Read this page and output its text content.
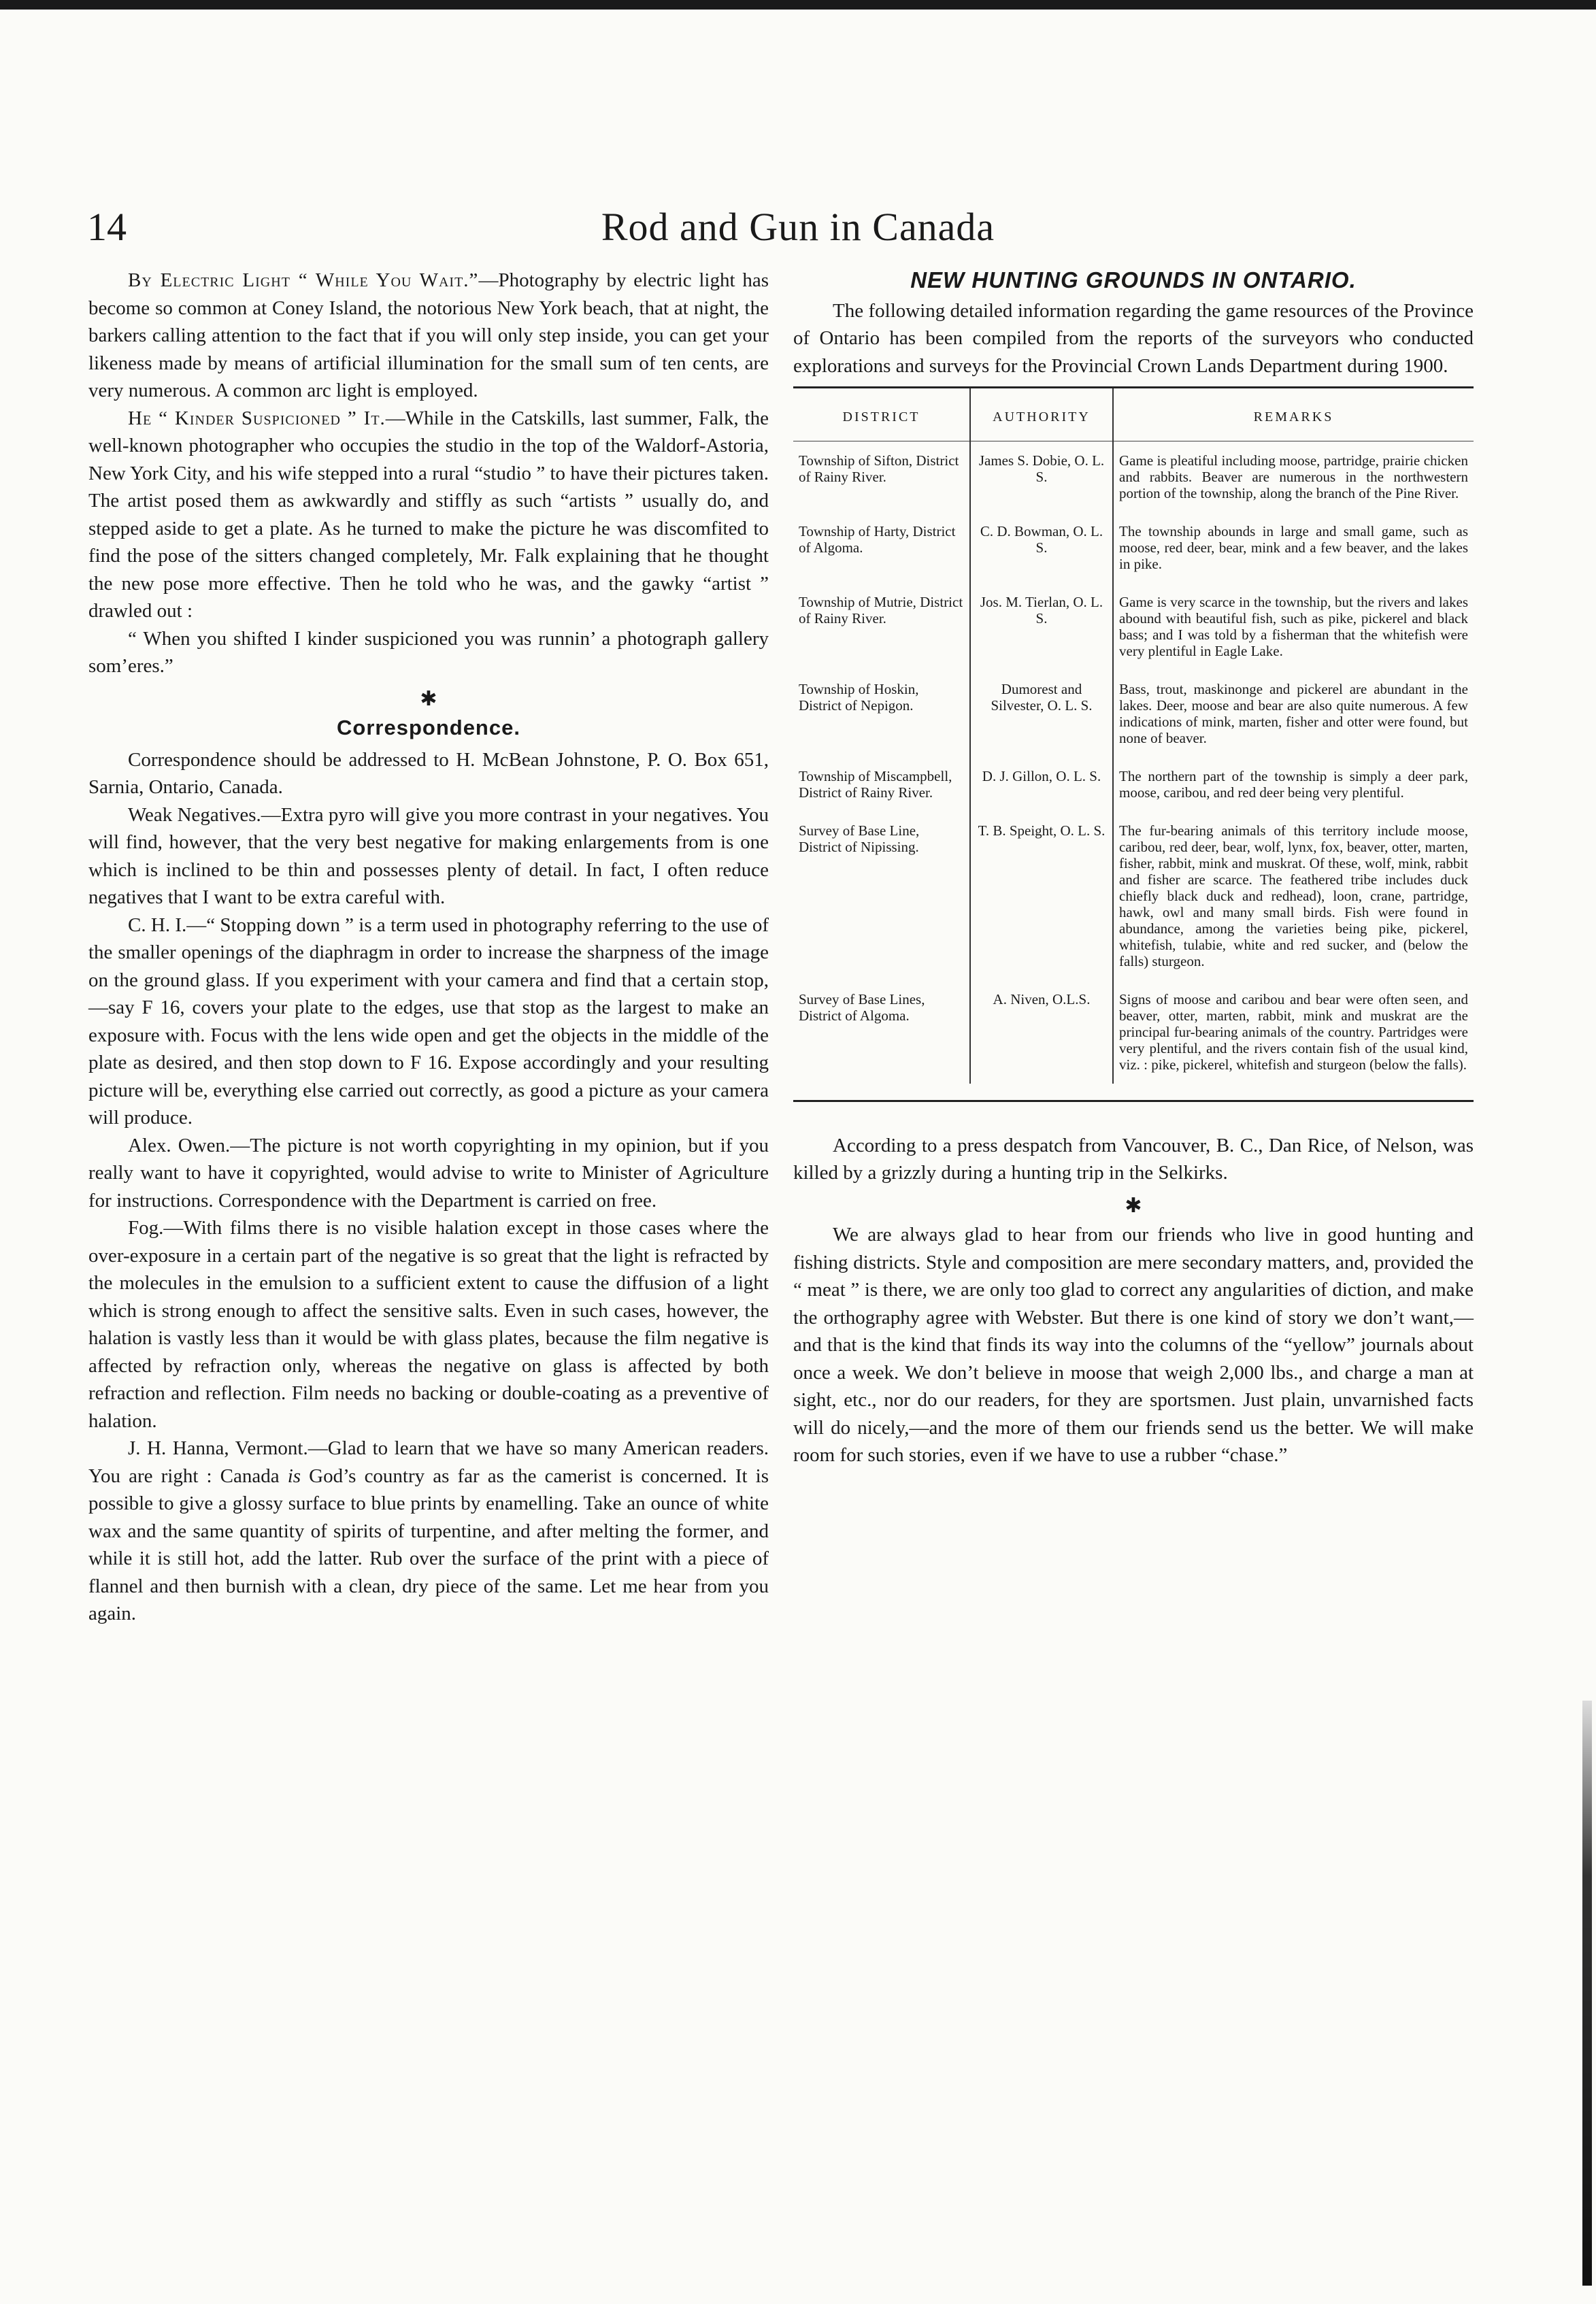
14	Rod and Gun in Canada

By Electric Light “ While You Wait.”—Photography by electric light has become so common at Coney Island, the notorious New York beach, that at night, the barkers calling attention to the fact that if you will only step inside, you can get your likeness made by means of artificial illumination for the small sum of ten cents, are very numerous. A common arc light is employed.

He “ Kinder Suspicioned ” It.—While in the Catskills, last summer, Falk, the well-known photographer who occupies the studio in the top of the Waldorf-Astoria, New York City, and his wife stepped into a rural “studio ” to have their pictures taken. The artist posed them as awkwardly and stiffly as such “artists ” usually do, and stepped aside to get a plate. As he turned to make the picture he was discomfited to find the pose of the sitters changed completely, Mr. Falk explaining that he thought the new pose more effective. Then he told who he was, and the gawky “artist ” drawled out :

“ When you shifted I kinder suspicioned you was runnin’ a photograph gallery som’eres.”

✱
Correspondence.

Correspondence should be addressed to H. McBean Johnstone, P. O. Box 651, Sarnia, Ontario, Canada.

Weak Negatives.—Extra pyro will give you more contrast in your negatives. You will find, however, that the very best negative for making enlargements from is one which is inclined to be thin and possesses plenty of detail. In fact, I often reduce negatives that I want to be extra careful with.

C. H. I.—“ Stopping down ” is a term used in photography referring to the use of the smaller openings of the diaphragm in order to increase the sharpness of the image on the ground glass. If you experiment with your camera and find that a certain stop,—say F 16, covers your plate to the edges, use that stop as the largest to make an exposure with. Focus with the lens wide open and get the objects in the middle of the plate as desired, and then stop down to F 16. Expose accordingly and your resulting picture will be, everything else carried out correctly, as good a picture as your camera will produce.

Alex. Owen.—The picture is not worth copyrighting in my opinion, but if you really want to have it copyrighted, would advise to write to Minister of Agriculture for instructions. Correspondence with the Department is carried on free.

Fog.—With films there is no visible halation except in those cases where the over-exposure in a certain part of the negative is so great that the light is refracted by the molecules in the emulsion to a sufficient extent to cause the diffusion of a light which is strong enough to affect the sensitive salts. Even in such cases, however, the halation is vastly less than it would be with glass plates, because the film negative is affected by refraction only, whereas the negative on glass is affected by both refraction and reflection. Film needs no backing or double-coating as a preventive of halation.

J. H. Hanna, Vermont.—Glad to learn that we have so many American readers. You are right : Canada is God’s country as far as the camerist is concerned. It is possible to give a glossy surface to blue prints by enamelling. Take an ounce of white wax and the same quantity of spirits of turpentine, and after melting the former, and while it is still hot, add the latter. Rub over the surface of the print with a piece of flannel and then burnish with a clean, dry piece of the same. Let me hear from you again.

NEW HUNTING GROUNDS IN ONTARIO.

The following detailed information regarding the game resources of the Province of Ontario has been compiled from the reports of the surveyors who conducted explorations and surveys for the Provincial Crown Lands Department during 1900.

DISTRICT	AUTHORITY	REMARKS
Township of Sifton, District of Rainy River.	James S. Dobie, O. L. S.	Game is pleatiful including moose, partridge, prairie chicken and rabbits. Beaver are numerous in the northwestern portion of the township, along the branch of the Pine River.
Township of Harty, District of Algoma.	C. D. Bowman, O. L. S.	The township abounds in large and small game, such as moose, red deer, bear, mink and a few beaver, and the lakes in pike.
Township of Mutrie, District of Rainy River.	Jos. M. Tierlan, O. L. S.	Game is very scarce in the township, but the rivers and lakes abound with beautiful fish, such as pike, pickerel and black bass; and I was told by a fisherman that the whitefish were very plentiful in Eagle Lake.
Township of Hoskin, District of Nepigon.	Dumorest and Silvester, O. L. S.	Bass, trout, maskinonge and pickerel are abundant in the lakes. Deer, moose and bear are also quite numerous. A few indications of mink, marten, fisher and otter were found, but none of beaver.
Township of Miscampbell, District of Rainy River.	D. J. Gillon, O. L. S.	The northern part of the township is simply a deer park, moose, caribou, and red deer being very plentiful.
Survey of Base Line, District of Nipissing.	T. B. Speight, O. L. S.	The fur-bearing animals of this territory include moose, caribou, red deer, bear, wolf, lynx, fox, beaver, otter, marten, fisher, rabbit, mink and muskrat. Of these, wolf, mink, rabbit and fisher are scarce. The feathered tribe includes duck chiefly black duck and redhead), loon, crane, partridge, hawk, owl and many small birds. Fish were found in abundance, among the varieties being pike, pickerel, whitefish, tulabie, white and red sucker, and (below the falls) sturgeon.
Survey of Base Lines, District of Algoma.	A. Niven, O.L.S.	Signs of moose and caribou and bear were often seen, and beaver, otter, marten, rabbit, mink and muskrat are the principal fur-bearing animals of the country. Partridges were very plentiful, and the rivers contain fish of the usual kind, viz. : pike, pickerel, whitefish and sturgeon (below the falls).

According to a press despatch from Vancouver, B. C., Dan Rice, of Nelson, was killed by a grizzly during a hunting trip in the Selkirks.

✱

We are always glad to hear from our friends who live in good hunting and fishing districts. Style and composition are mere secondary matters, and, provided the “ meat ” is there, we are only too glad to correct any angularities of diction, and make the orthography agree with Webster. But there is one kind of story we don’t want,—and that is the kind that finds its way into the columns of the “yellow” journals about once a week. We don’t believe in moose that weigh 2,000 lbs., and charge a man at sight, etc., nor do our readers, for they are sportsmen. Just plain, unvarnished facts will do nicely,—and the more of them our friends send us the better. We will make room for such stories, even if we have to use a rubber “chase.”
